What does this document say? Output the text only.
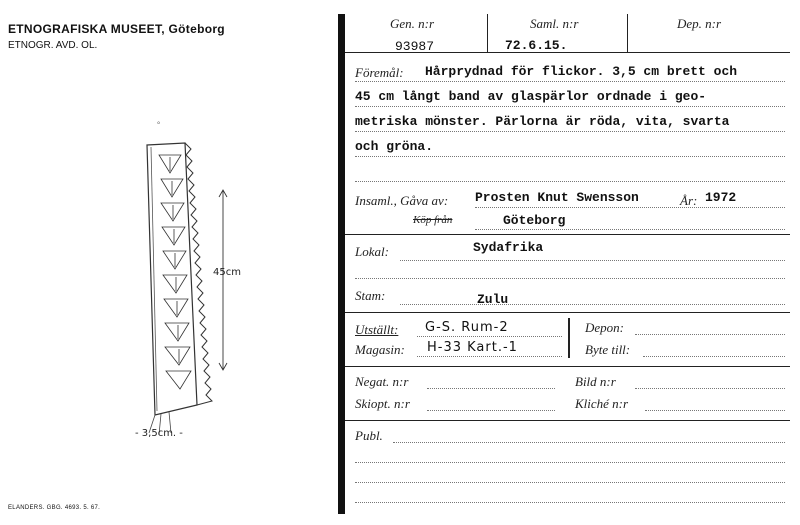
ETNOGRAFISKA MUSEET, Göteborg
ETNOGR. AVD. OL.
45cm
- 3,5cm. -
°
ELANDERS. GBG. 4693. 5. 67.
Gen. n:r	Saml. n:r	Dep. n:r
93987	72.6.15.
Föremål: Hårprydnad för flickor. 3,5 cm brett och
45 cm långt band av glaspärlor ordnade i geo-
metriska mönster. Pärlorna är röda, vita, svarta
och gröna.
Insaml., Gåva av: Prosten Knut Swensson	År: 1972
Köp från	Göteborg
Lokal:	Sydafrika
Stam:	Zulu
Utställt: G-S. Rum-2
Magasin: H-33 Kart.-1
Depon:
Byte till:
Negat. n:r	Bild n:r
Skiopt. n:r	Kliché n:r
Publ.
